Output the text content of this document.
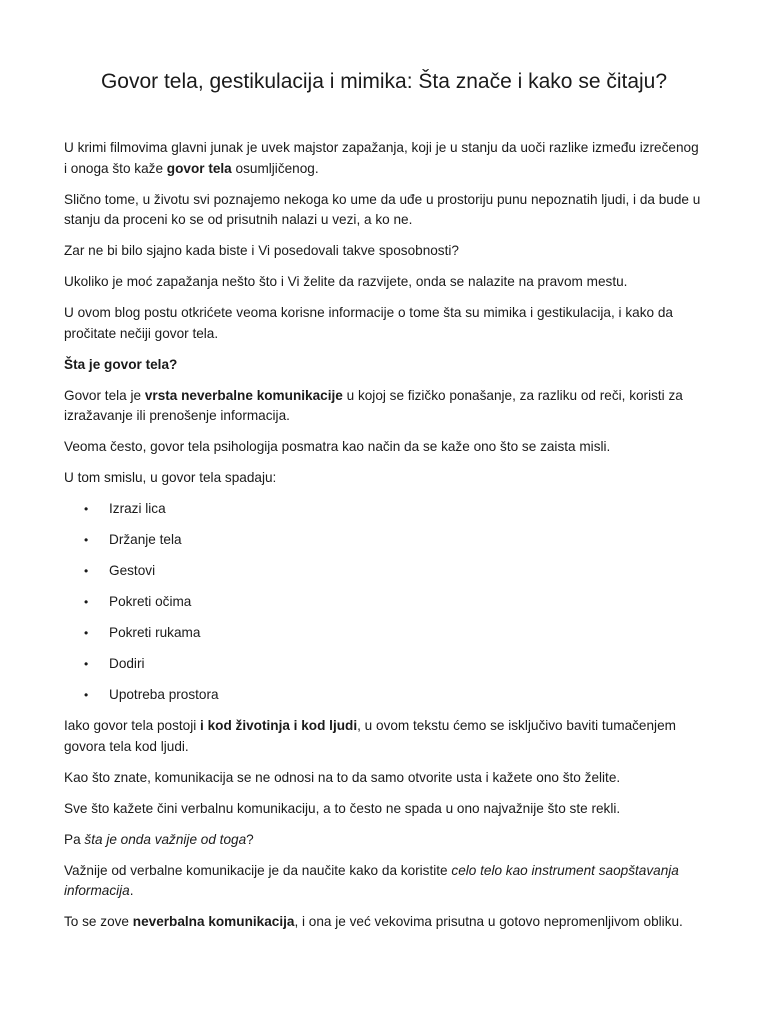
Govor tela, gestikulacija i mimika: Šta znače i kako se čitaju?

U krimi filmovima glavni junak je uvek majstor zapažanja, koji je u stanju da uoči razlike između izrečenog i onoga što kaže govor tela osumljičenog.

Slično tome, u životu svi poznajemo nekoga ko ume da uđe u prostoriju punu nepoznatih ljudi, i da bude u stanju da proceni ko se od prisutnih nalazi u vezi, a ko ne.

Zar ne bi bilo sjajno kada biste i Vi posedovali takve sposobnosti?

Ukoliko je moć zapažanja nešto što i Vi želite da razvijete, onda se nalazite na pravom mestu.

U ovom blog postu otkrićete veoma korisne informacije o tome šta su mimika i gestikulacija, i kako da pročitate nečiji govor tela.

Šta je govor tela?

Govor tela je vrsta neverbalne komunikacije u kojoj se fizičko ponašanje, za razliku od reči, koristi za izražavanje ili prenošenje informacija.

Veoma često, govor tela psihologija posmatra kao način da se kaže ono što se zaista misli.

U tom smislu, u govor tela spadaju:

• Izrazi lica
• Držanje tela
• Gestovi
• Pokreti očima
• Pokreti rukama
• Dodiri
• Upotreba prostora

Iako govor tela postoji i kod životinja i kod ljudi, u ovom tekstu ćemo se isključivo baviti tumačenjem govora tela kod ljudi.

Kao što znate, komunikacija se ne odnosi na to da samo otvorite usta i kažete ono što želite.

Sve što kažete čini verbalnu komunikaciju, a to često ne spada u ono najvažnije što ste rekli.

Pa šta je onda važnije od toga?

Važnije od verbalne komunikacije je da naučite kako da koristite celo telo kao instrument saopštavanja informacija.

To se zove neverbalna komunikacija, i ona je već vekovima prisutna u gotovo nepromenljivom obliku.
